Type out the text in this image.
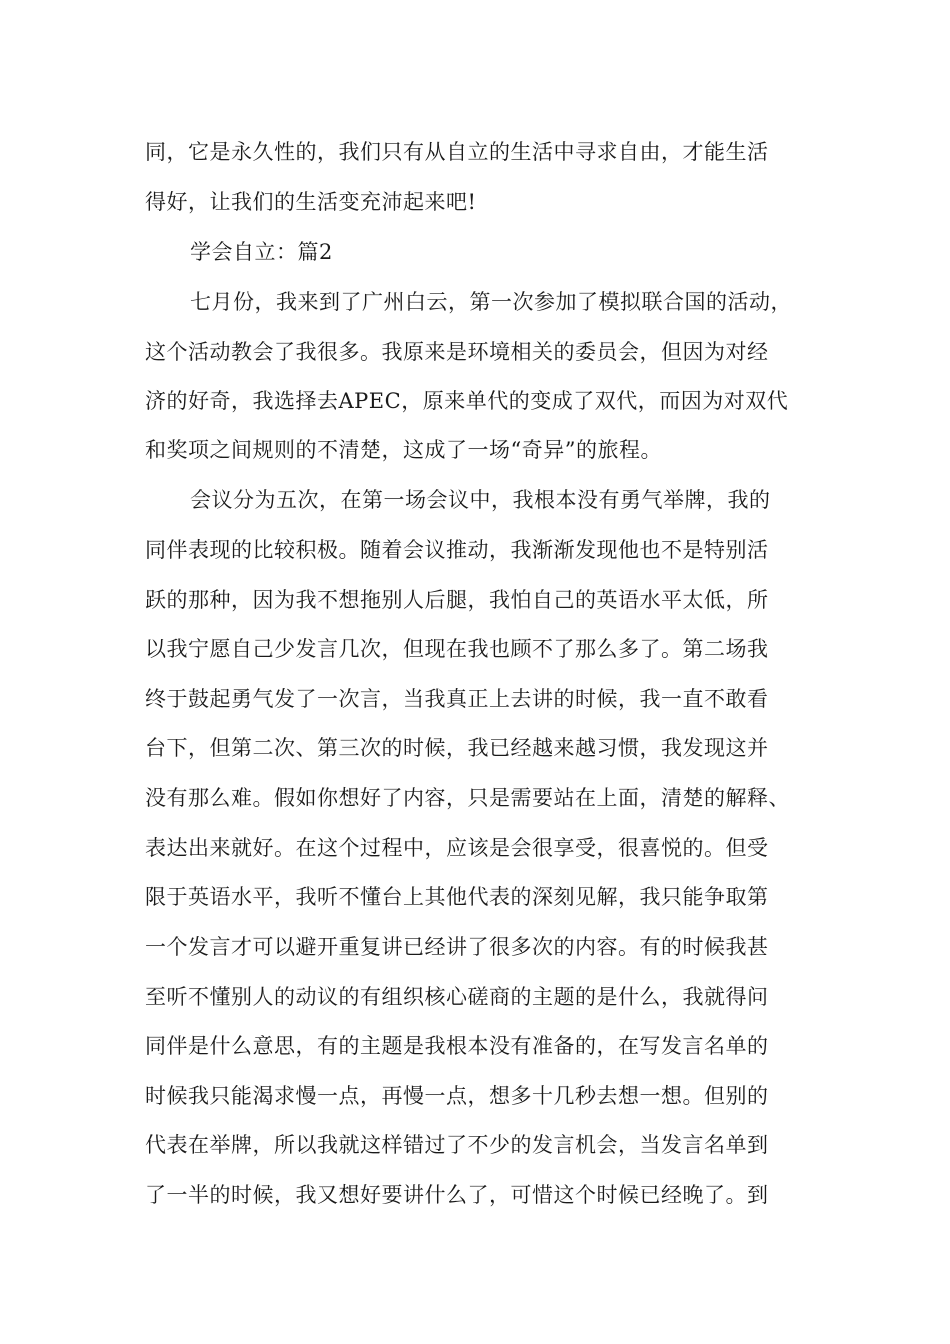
同，它是永久性的，我们只有从自立的生活中寻求自由，才能生活
得好，让我们的生活变充沛起来吧!
学会自立：篇2
七月份，我来到了广州白云，第一次参加了模拟联合国的活动，
这个活动教会了我很多。我原来是环境相关的委员会，但因为对经
济的好奇，我选择去APEC，原来单代的变成了双代，而因为对双代
和奖项之间规则的不清楚，这成了一场“奇异”的旅程。
会议分为五次，在第一场会议中，我根本没有勇气举牌，我的
同伴表现的比较积极。随着会议推动，我渐渐发现他也不是特别活
跃的那种，因为我不想拖别人后腿，我怕自己的英语水平太低，所
以我宁愿自己少发言几次，但现在我也顾不了那么多了。第二场我
终于鼓起勇气发了一次言，当我真正上去讲的时候，我一直不敢看
台下，但第二次、第三次的时候，我已经越来越习惯，我发现这并
没有那么难。假如你想好了内容，只是需要站在上面，清楚的解释、
表达出来就好。在这个过程中，应该是会很享受，很喜悦的。但受
限于英语水平，我听不懂台上其他代表的深刻见解，我只能争取第
一个发言才可以避开重复讲已经讲了很多次的内容。有的时候我甚
至听不懂别人的动议的有组织核心磋商的主题的是什么，我就得问
同伴是什么意思，有的主题是我根本没有准备的，在写发言名单的
时候我只能渴求慢一点，再慢一点，想多十几秒去想一想。但别的
代表在举牌，所以我就这样错过了不少的发言机会，当发言名单到
了一半的时候，我又想好要讲什么了，可惜这个时候已经晚了。到
